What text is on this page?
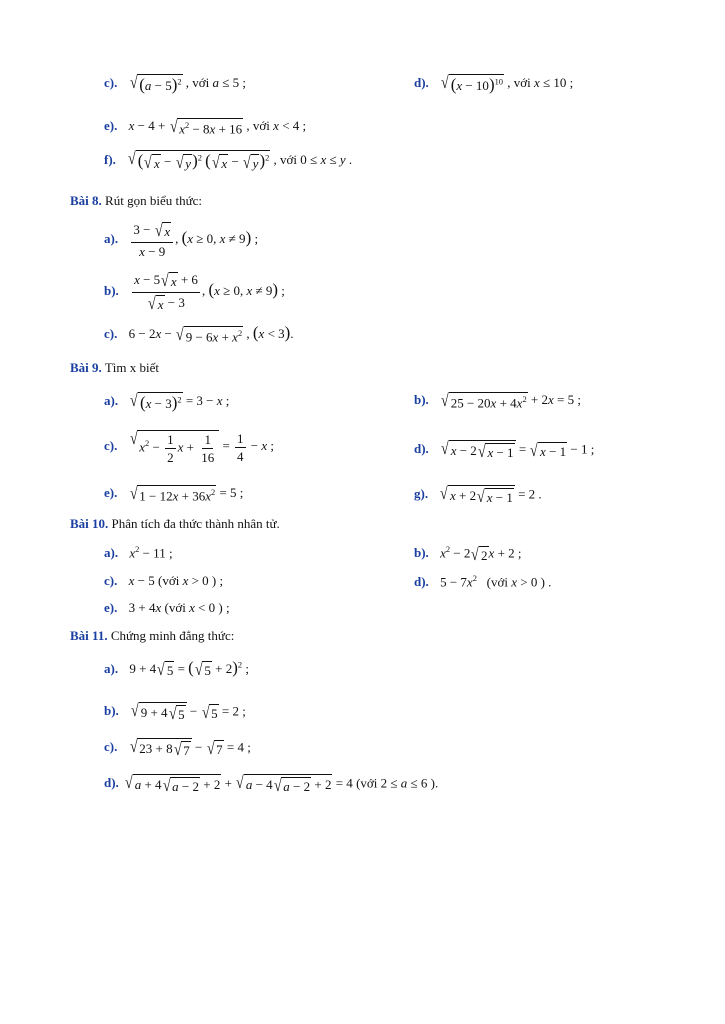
c). √ $(a - 5)^2$ , với a ≤ 5 ;	d). √ $(x - 10)^{10}$ , với x ≤ 10 ;
e). x − 4 + √ $x^2 - 8x + 16$ , với x < 4 ;
f). √ ( √ x − √ y )$^2$ ( √ x − √ y )$^2$ , với 0 ≤ x ≤ y .
Bài 8. Rút gọn biểu thức:
a). $\frac{3 - √ x}{x - 9}$ , (x ≥ 0, x ≠ 9) ;
b). $\frac{x - 5 √ x + 6}{√ x - 3}$ , (x ≥ 0, x ≠ 9) ;
c). 6 − 2x − √ $9 - 6x + x^2$ , (x < 3).
Bài 9. Tìm x biết
a). √ $(x - 3)^2 = 3 - x$ ;	b). √ $25 - 20x + 4x^2 + 2x = 5$ ;
c). √ $x^2 - \frac{1}{2}$ $x + \frac{1}{16} = \frac{1}{4} - x$ ;	d). √ x − 2 √ x − 1 = √ x − 1 − 1 ;
e). √ $1 - 12x + 36x^2 = 5$ ;	g). √ x + 2 √ x − 1 = 2 .
Bài 10. Phân tích đa thức thành nhân tử.
a). $x^2 - 11$ ;	b). $x^2 - 2$ √ 2 x + 2 ;
c). x − 5 (với x > 0 ) ;	d). $5 - 7x^2$ (với x > 0 ) .
e). 3 + 4x (với x < 0 ) ;
Bài 11. Chứng minh đẳng thức:
a). 9 + 4 √ 5 = ( √ 5 + 2)$^2$ ;
b). √ 9 + 4 √ 5 − √ 5 = 2 ;
c). √ 23 + 8 √ 7 − √ 7 = 4 ;
d). √ a + 4 √ a − 2 + 2 + √ a − 4 √ a − 2 + 2 = 4 (với 2 ≤ a ≤ 6 ).
